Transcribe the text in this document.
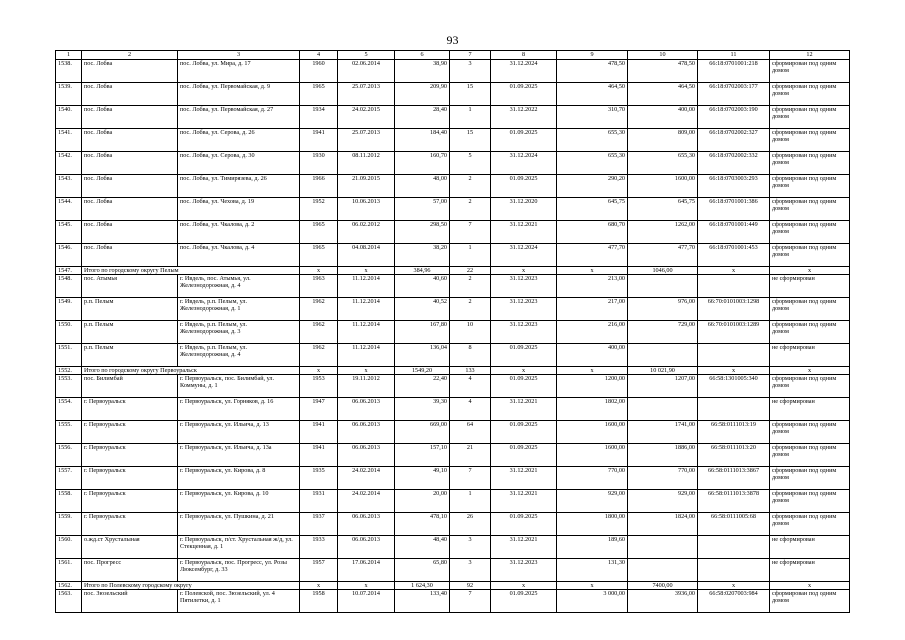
93
1	2	3	4	5	6	7	8	9	10	11	12
1538.	пос. Лобва	пос. Лобва, ул. Мира, д. 17	1960	02.06.2014	38,90	3	31.12.2024	478,50	478,50	66:18:0701001:218	сформирован под одним домом
1539.	пос. Лобва	пос. Лобва, ул. Первомайская, д. 9	1965	25.07.2013	209,90	15	01.09.2025	464,50	464,50	66:18:0702003:177	сформирован под одним домом
1540.	пос. Лобва	пос. Лобва, ул. Первомайская, д. 27	1934	24.02.2015	28,40	1	31.12.2022	310,70	400,00	66:18:0702003:190	сформирован под одним домом
1541.	пос. Лобва	пос. Лобва, ул. Серова, д. 26	1941	25.07.2013	184,40	15	01.09.2025	655,30	809,00	66:18:0702002:327	сформирован под одним домом
1542.	пос. Лобва	пос. Лобва, ул. Серова, д. 30	1930	08.11.2012	160,70	5	31.12.2024	655,30	655,30	66:18:0702002:332	сформирован под одним домом
1543.	пос. Лобва	пос. Лобва, ул. Тимирязева, д. 26	1966	21.09.2015	48,00	2	01.09.2025	290,20	1600,00	66:18:0703003:293	сформирован под одним домом
1544.	пос. Лобва	пос. Лобва, ул. Чехова, д. 19	1952	10.06.2013	57,00	2	31.12.2020	645,75	645,75	66:18:0701001:386	сформирован под одним домом
1545.	пос. Лобва	пос. Лобва, ул. Чкалова, д. 2	1965	06.02.2012	298,50	7	31.12.2021	680,70	1262,00	66:18:0701001:449	сформирован под одним домом
1546.	пос. Лобва	пос. Лобва, ул. Чкалова, д. 4	1965	04.08.2014	38,20	1	31.12.2024	477,70	477,70	66:18:0701001:453	сформирован под одним домом
1547.	Итого по городскому округу Пелым		x	x	384,96	22	x	x	1046,00	x	x
1548.	пос. Атымья	г. Ивдель, пос. Атымья, ул. Железнодорожная, д. 4	1963	11.12.2014	40,60	2	31.12.2023	213,00			не сформирован
1549.	р.п. Пелым	г. Ивдель, р.п. Пелым, ул. Железнодорожная, д. 1	1962	11.12.2014	40,52	2	31.12.2023	217,00	976,00	66:70:0101003:1298	сформирован под одним домом
1550.	р.п. Пелым	г. Ивдель, р.п. Пелым, ул. Железнодорожная, д. 3	1962	11.12.2014	167,80	10	31.12.2023	216,00	729,00	66:70:0101003:1289	сформирован под одним домом
1551.	р.п. Пелым	г. Ивдель, р.п. Пелым, ул. Железнодорожная, д. 4	1962	11.12.2014	136,04	8	01.09.2025	400,00			не сформирован
1552.	Итого по городскому округу Первоуральск		x	x	1549,20	133	x	x	10 021,90	x	x
1553.	пос. Билимбай	г. Первоуральск, пос. Билимбай, ул. Коммуны, д. 1	1953	19.11.2012	22,40	4	01.09.2025	1200,00	1207,00	66:58:1301005:340	сформирован под одним домом
1554.	г. Первоуральск	г. Первоуральск, ул. Горняков, д. 16	1947	06.06.2013	39,30	4	31.12.2021	1802,00			не сформирован
1555.	г. Первоуральск	г. Первоуральск, ул. Ильича, д. 13	1941	06.06.2013	669,00	64	01.09.2025	1600,00	1741,00	66:58:0111013:19	сформирован под одним домом
1556.	г. Первоуральск	г. Первоуральск, ул. Ильича, д. 13а	1941	06.06.2013	157,10	21	01.09.2025	1600,00	1886,00	66:58:0111013:20	сформирован под одним домом
1557.	г. Первоуральск	г. Первоуральск, ул. Кирова, д. 8	1935	24.02.2014	49,10	7	31.12.2021	770,00	770,00	66:58:0111013:3867	сформирован под одним домом
1558.	г. Первоуральск	г. Первоуральск, ул. Кирова, д. 10	1931	24.02.2014	20,00	1	31.12.2021	929,00	929,00	66:58:0111013:3878	сформирован под одним домом
1559.	г. Первоуральск	г. Первоуральск, ул. Пушкина, д. 21	1937	06.06.2013	478,10	26	01.09.2025	1800,00	1824,00	66:58:0111005:68	сформирован под одним домом
1560.	о.жд.ст Хрусталыная	г. Первоуральск, п/ст. Хрустальная ж/д, ул. Стекценная, д. 1	1933	06.06.2013	48,40	3	31.12.2021	189,60			не сформирован
1561.	пос. Прогресс	г. Первоуральск, пос. Прогресс, ул. Розы Люксембург, д. 33	1957	17.06.2014	65,80	3	31.12.2023	131,30			не сформирован
1562.	Итого по Полевскому городскому округу		x	x	1 624,30	92	x	x	7400,00	x	x
1563.	пос. Зюзельский	г. Полевской, пос. Зюзельский, ул. 4 Пятилетки, д. 1	1958	10.07.2014	133,40	7	01.09.2025	3 000,00	3936,00	66:58:0207003:984	сформирован под одним домом
